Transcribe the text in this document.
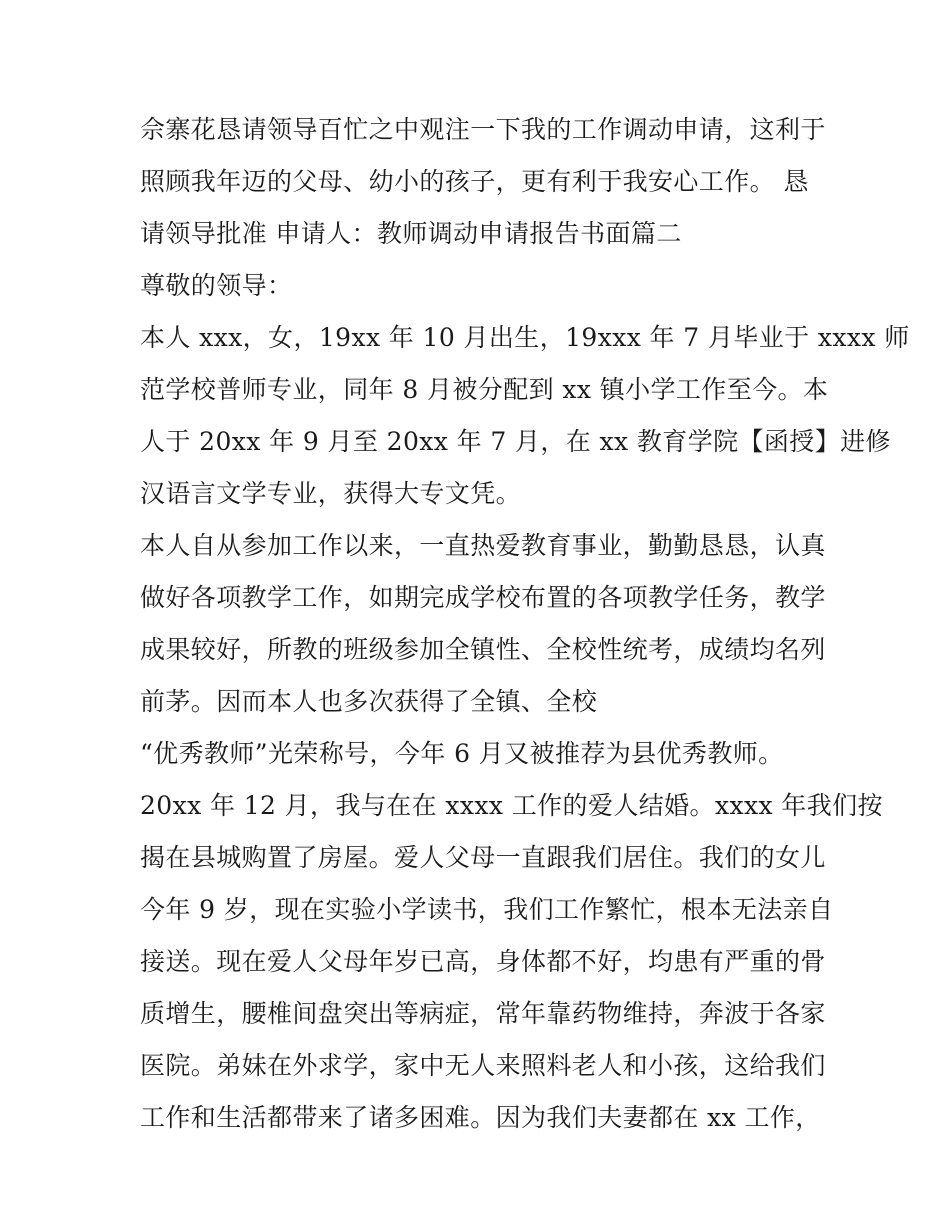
佘寨花恳请领导百忙之中观注一下我的工作调动申请，这利于
照顾我年迈的父母、幼小的孩子，更有利于我安心工作。 恳
请领导批准 申请人：教师调动申请报告书面篇二
尊敬的领导：
本人 xxx，女，19xx 年 10 月出生，19xxx 年 7 月毕业于 xxxx 师
范学校普师专业，同年 8 月被分配到 xx 镇小学工作至今。本
人于 20xx 年 9 月至 20xx 年 7 月，在 xx 教育学院【函授】进修
汉语言文学专业，获得大专文凭。
本人自从参加工作以来，一直热爱教育事业，勤勤恳恳，认真
做好各项教学工作，如期完成学校布置的各项教学任务，教学
成果较好，所教的班级参加全镇性、全校性统考，成绩均名列
前茅。因而本人也多次获得了全镇、全校
“优秀教师”光荣称号，今年 6 月又被推荐为县优秀教师。
20xx 年 12 月，我与在在 xxxx 工作的爱人结婚。xxxx 年我们按
揭在县城购置了房屋。爱人父母一直跟我们居住。我们的女儿
今年 9 岁，现在实验小学读书，我们工作繁忙，根本无法亲自
接送。现在爱人父母年岁已高，身体都不好，均患有严重的骨
质增生，腰椎间盘突出等病症，常年靠药物维持，奔波于各家
医院。弟妹在外求学，家中无人来照料老人和小孩，这给我们
工作和生活都带来了诸多困难。因为我们夫妻都在 xx 工作，
